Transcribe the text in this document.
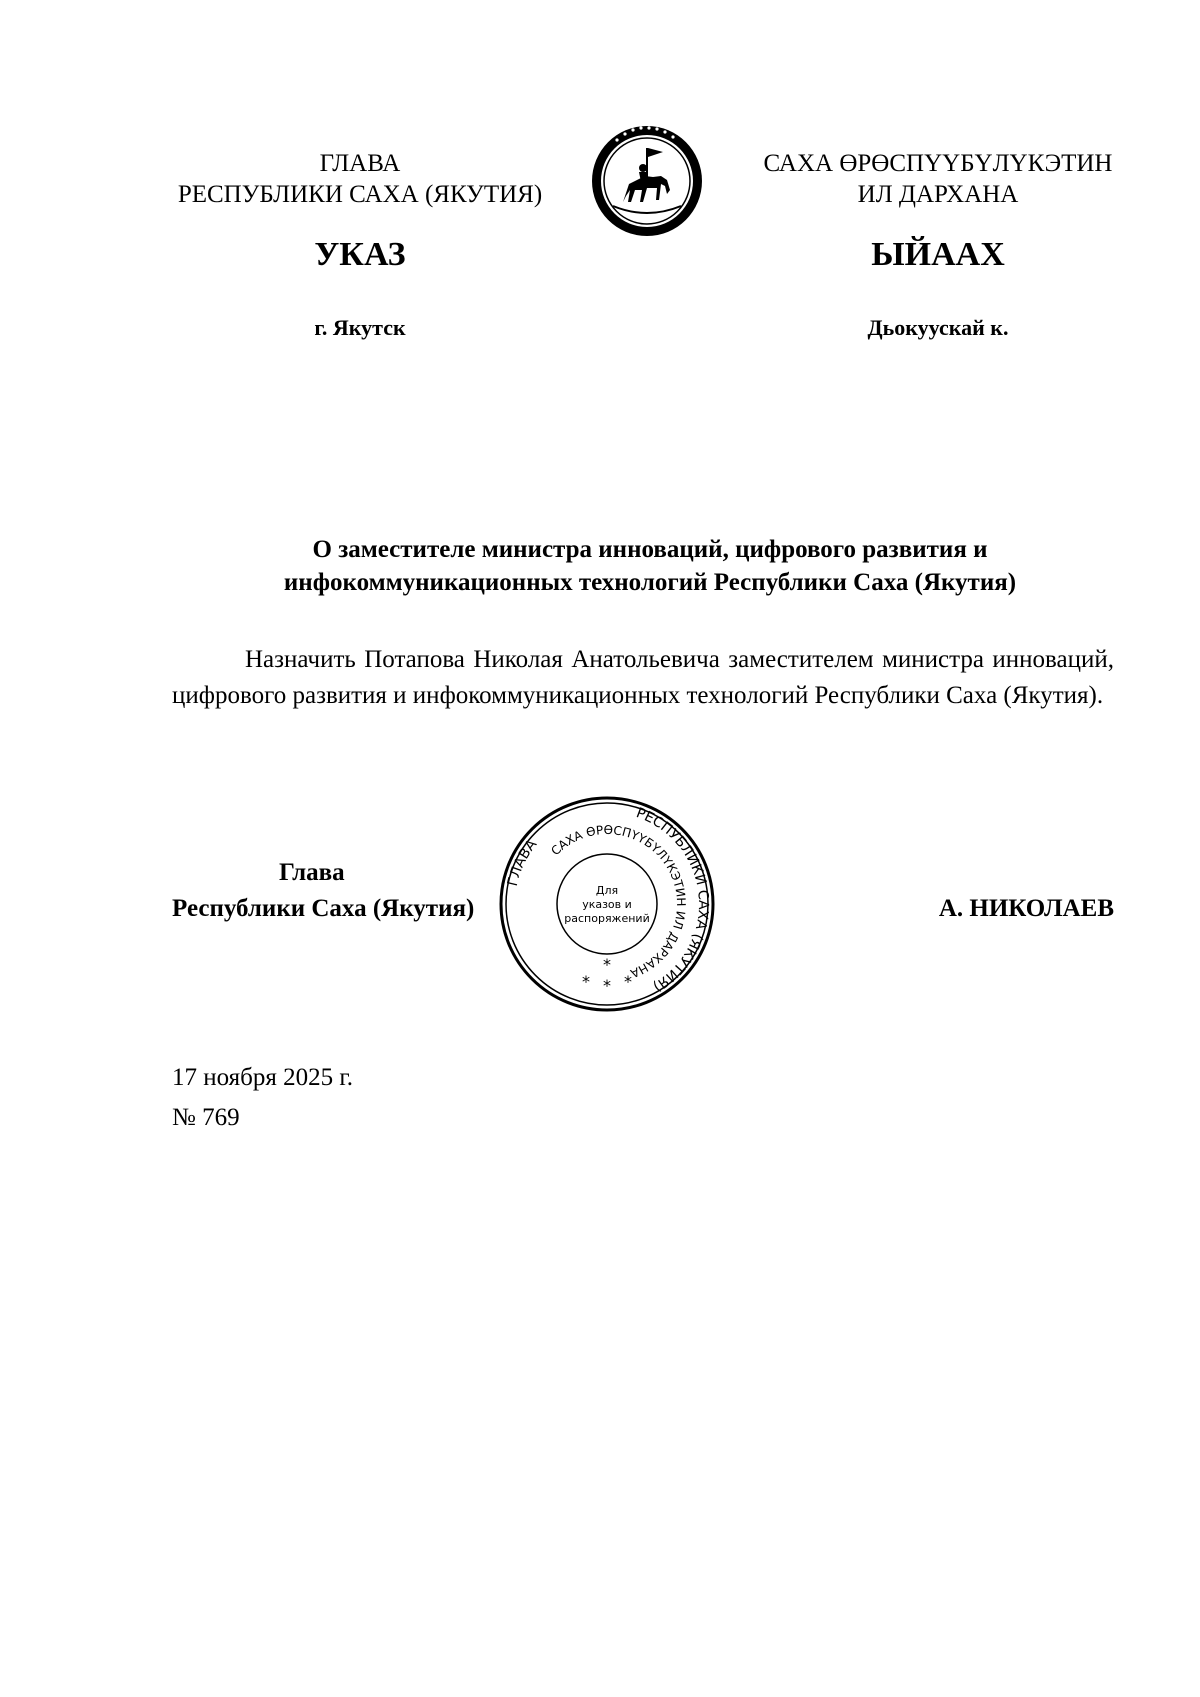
ГЛАВА
РЕСПУБЛИКИ САХА (ЯКУТИЯ)
САХА ӨРӨСПҮҮБҮЛҮКЭТИН
ИЛ ДАРХАНА
УКАЗ	ЫЙААХ
г. Якутск	Дьокуускай к.
О заместителе министра инноваций, цифрового развития и
инфокоммуникационных технологий Республики Саха (Якутия)
Назначить Потапова Николая Анатольевича заместителем министра инноваций, цифрового развития и инфокоммуникационных технологий Республики Саха (Якутия).
Глава
Республики Саха (Якутия)
РЕСПУБЛИКИ САХА (ЯКУТИЯ)
ГЛАВА САХА ӨРӨСПҮҮБҮЛҮКЭТИН ИЛ ДАРХАНА
Для
указов и
распоряжений
*
* * *
А. НИКОЛАЕВ
17 ноября 2025 г.
№ 769
